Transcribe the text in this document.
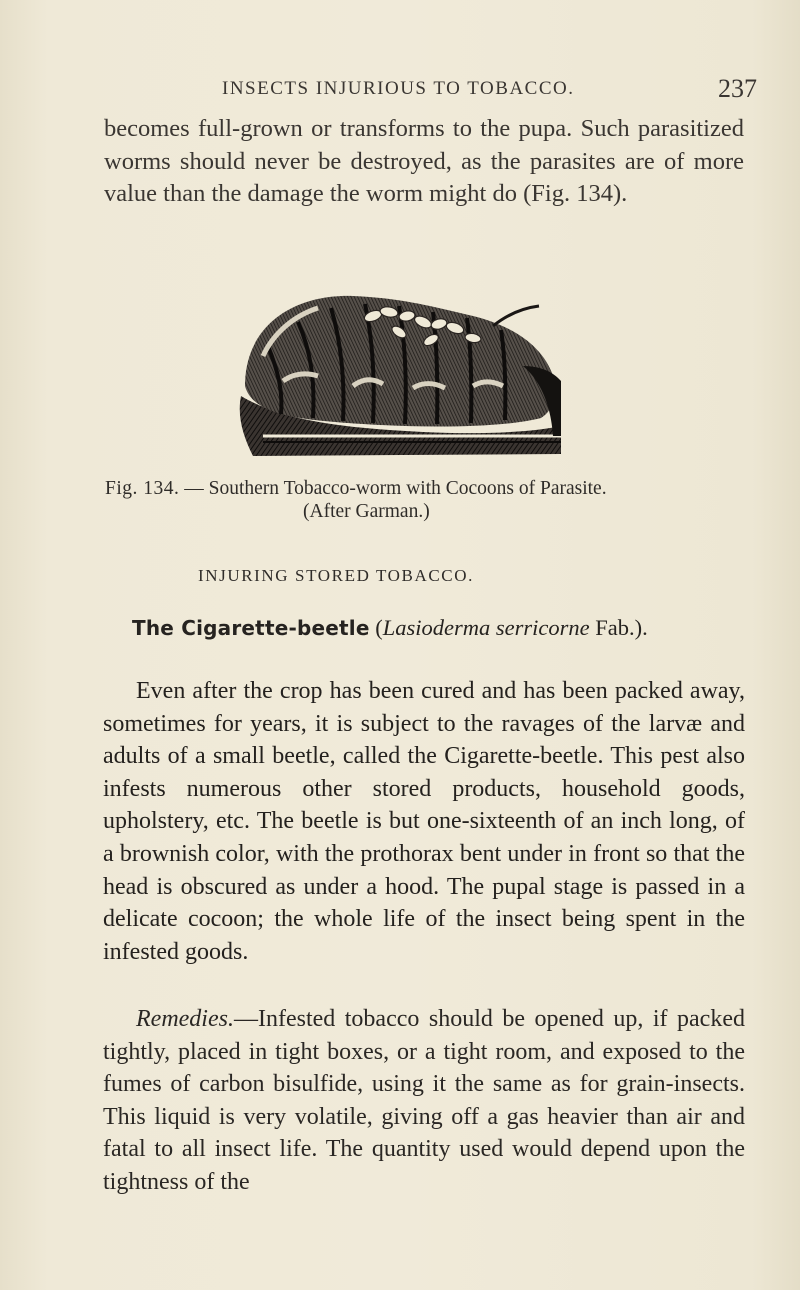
INSECTS INJURIOUS TO TOBACCO.	237

becomes full-grown or transforms to the pupa. Such parasitized worms should never be destroyed, as the parasites are of more value than the damage the worm might do (Fig. 134).

Fig. 134. — Southern Tobacco-worm with Cocoons of Parasite.
(After Garman.)
INJURING STORED TOBACCO.
The Cigarette-beetle (Lasioderma serricorne Fab.).

Even after the crop has been cured and has been packed away, sometimes for years, it is subject to the ravages of the larvæ and adults of a small beetle, called the Cigarette-beetle. This pest also infests numerous other stored products, household goods, upholstery, etc. The beetle is but one-sixteenth of an inch long, of a brownish color, with the prothorax bent under in front so that the head is obscured as under a hood. The pupal stage is passed in a delicate cocoon; the whole life of the insect being spent in the infested goods.

Remedies.—Infested tobacco should be opened up, if packed tightly, placed in tight boxes, or a tight room, and exposed to the fumes of carbon bisulfide, using it the same as for grain-insects. This liquid is very volatile, giving off a gas heavier than air and fatal to all insect life. The quantity used would depend upon the tightness of the
